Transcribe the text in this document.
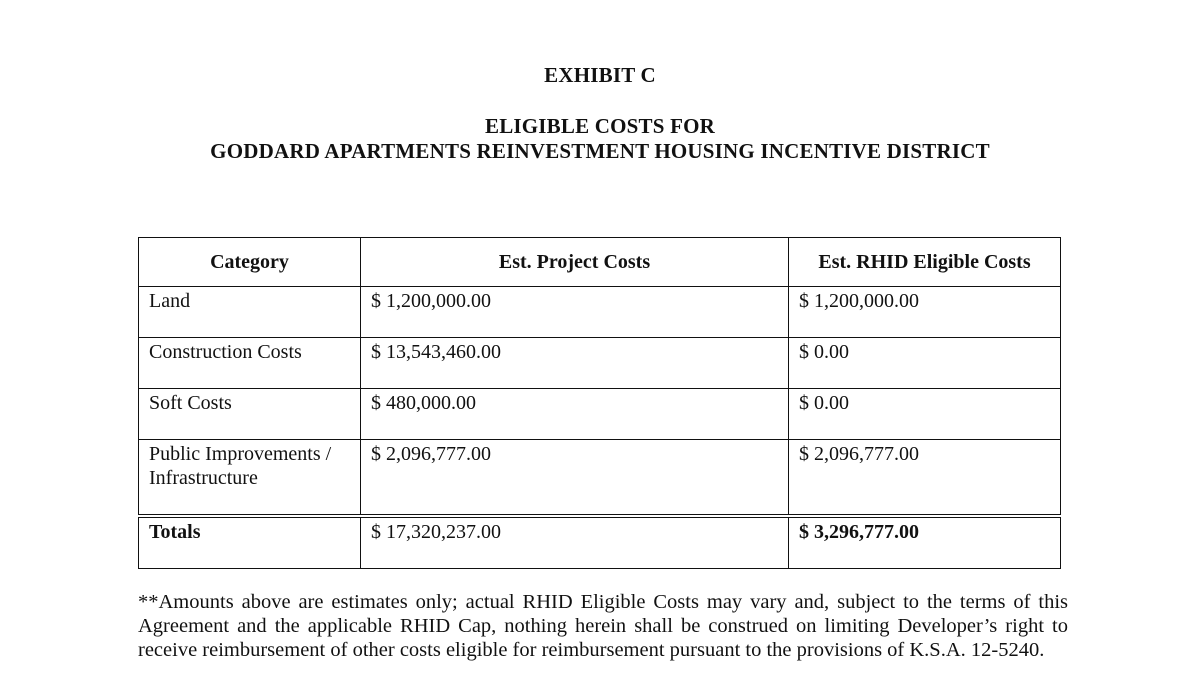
EXHIBIT C
ELIGIBLE COSTS FOR
GODDARD APARTMENTS REINVESTMENT HOUSING INCENTIVE DISTRICT
Category	Est. Project Costs	Est. RHID Eligible Costs
Land	$ 1,200,000.00	$ 1,200,000.00
Construction Costs	$ 13,543,460.00	$ 0.00
Soft Costs	$ 480,000.00	$ 0.00
Public Improvements / Infrastructure	$ 2,096,777.00	$ 2,096,777.00
Totals	$ 17,320,237.00	$ 3,296,777.00
**Amounts above are estimates only; actual RHID Eligible Costs may vary and, subject to the terms of this Agreement and the applicable RHID Cap, nothing herein shall be construed on limiting Developer’s right to receive reimbursement of other costs eligible for reimbursement pursuant to the provisions of K.S.A. 12-5240.
